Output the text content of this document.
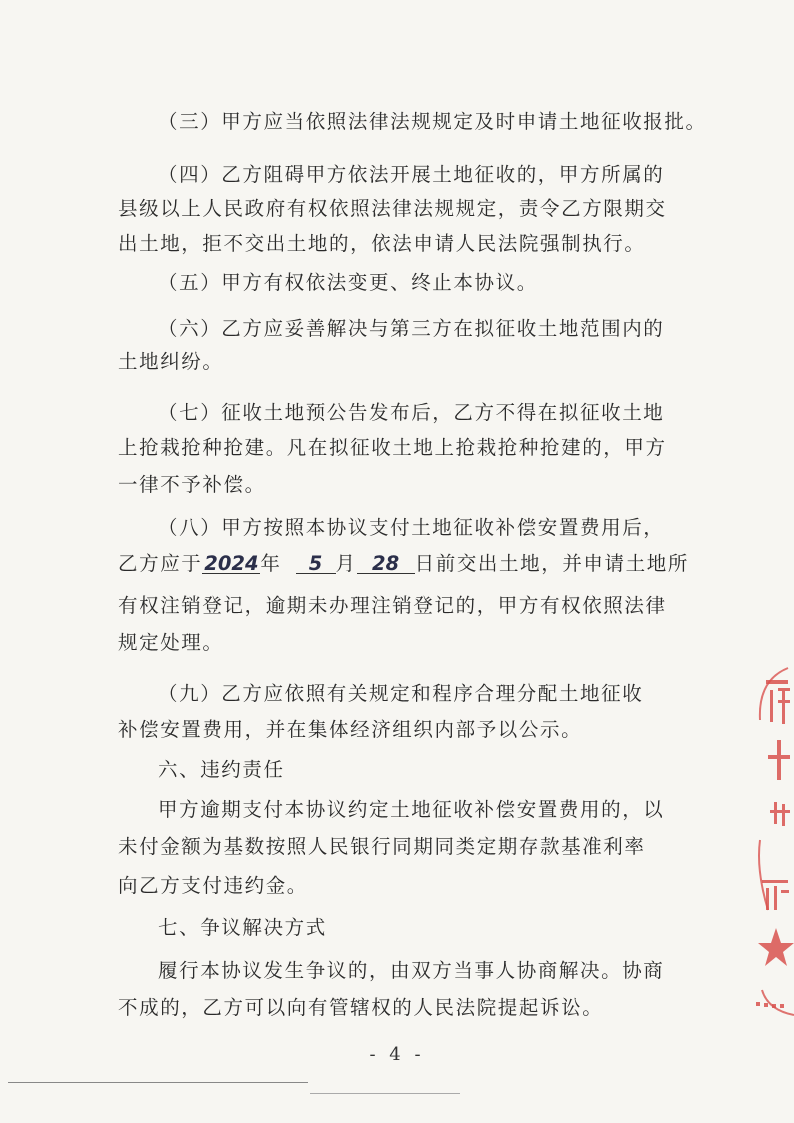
（三）甲方应当依照法律法规规定及时申请土地征收报批。
（四）乙方阻碍甲方依法开展土地征收的，甲方所属的
县级以上人民政府有权依照法律法规规定，责令乙方限期交
出土地，拒不交出土地的，依法申请人民法院强制执行。
（五）甲方有权依法变更、终止本协议。
（六）乙方应妥善解决与第三方在拟征收土地范围内的
土地纠纷。
（七）征收土地预公告发布后，乙方不得在拟征收土地
上抢栽抢种抢建。凡在拟征收土地上抢栽抢种抢建的，甲方
一律不予补偿。
（八）甲方按照本协议支付土地征收补偿安置费用后，
乙方应于2024年 5 月 28 日前交出土地，并申请土地所
有权注销登记，逾期未办理注销登记的，甲方有权依照法律
规定处理。
（九）乙方应依照有关规定和程序合理分配土地征收
补偿安置费用，并在集体经济组织内部予以公示。
六、违约责任
甲方逾期支付本协议约定土地征收补偿安置费用的，以
未付金额为基数按照人民银行同期同类定期存款基准利率
向乙方支付违约金。
七、争议解决方式
履行本协议发生争议的，由双方当事人协商解决。协商
不成的，乙方可以向有管辖权的人民法院提起诉讼。
- 4 -
